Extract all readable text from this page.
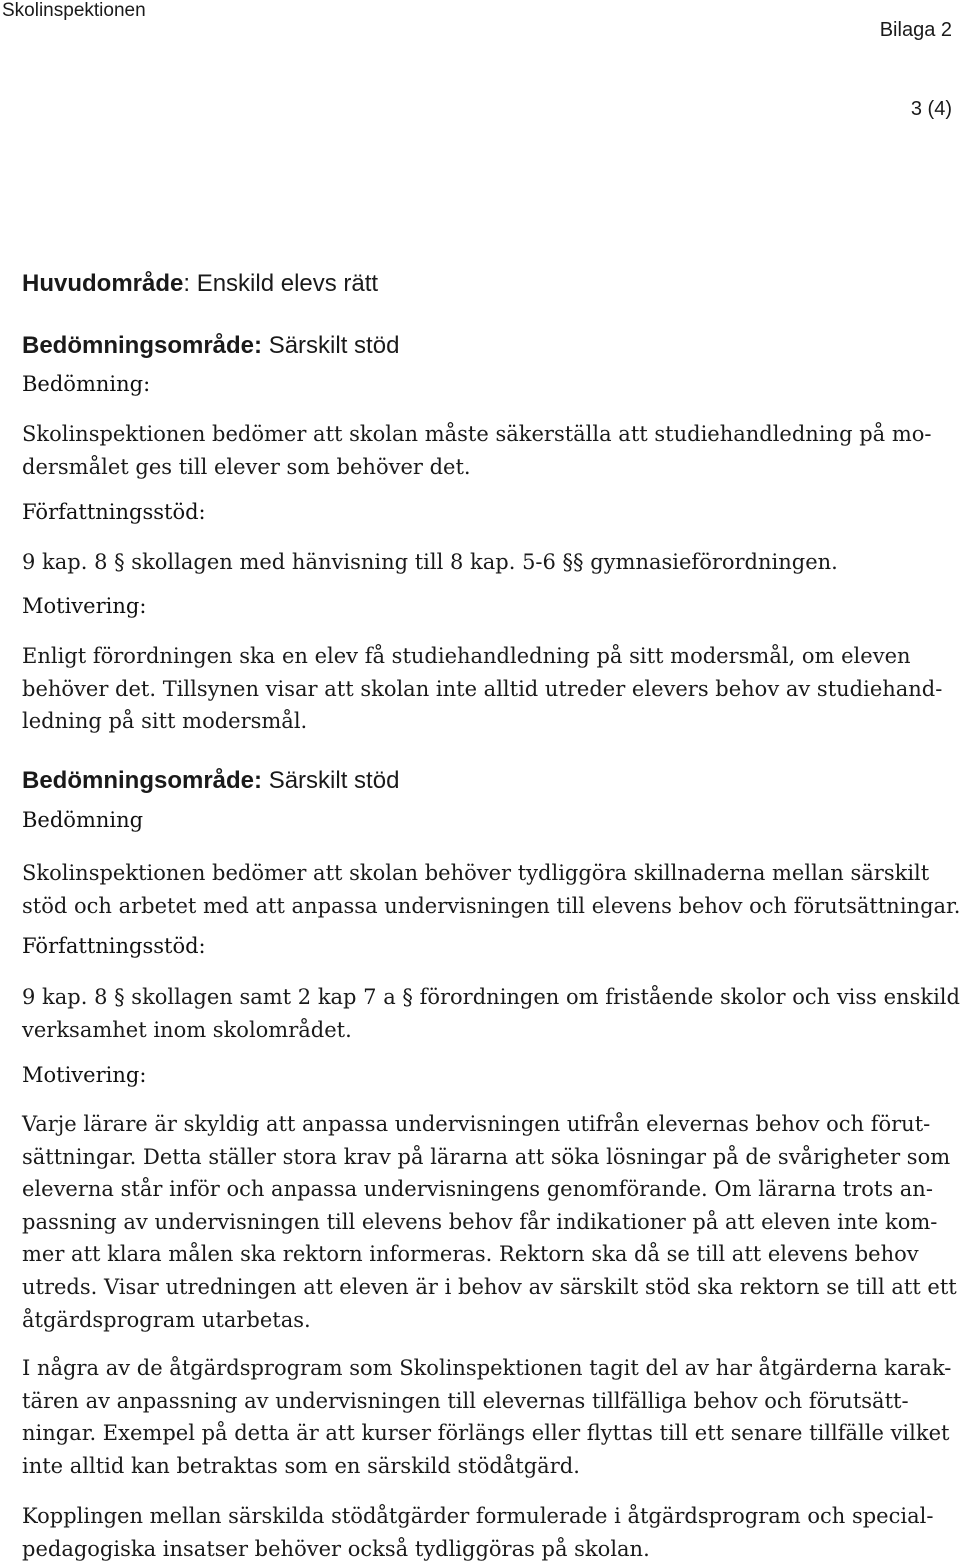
Skolinspektionen
Bilaga 2
3 (4)
Huvudområde: Enskild elevs rätt
Bedömningsområde: Särskilt stöd
Bedömning:
Skolinspektionen bedömer att skolan måste säkerställa att studiehandledning på mo-
dersmålet ges till elever som behöver det.
Författningsstöd:
9 kap. 8 § skollagen med hänvisning till 8 kap. 5-6 §§ gymnasieförordningen.
Motivering:
Enligt förordningen ska en elev få studiehandledning på sitt modersmål, om eleven
behöver det. Tillsynen visar att skolan inte alltid utreder elevers behov av studiehand-
ledning på sitt modersmål.
Bedömningsområde: Särskilt stöd
Bedömning
Skolinspektionen bedömer att skolan behöver tydliggöra skillnaderna mellan särskilt
stöd och arbetet med att anpassa undervisningen till elevens behov och förutsättningar.
Författningsstöd:
9 kap. 8 § skollagen samt 2 kap 7 a § förordningen om fristående skolor och viss enskild
verksamhet inom skolområdet.
Motivering:
Varje lärare är skyldig att anpassa undervisningen utifrån elevernas behov och förut-
sättningar. Detta ställer stora krav på lärarna att söka lösningar på de svårigheter som
eleverna står inför och anpassa undervisningens genomförande. Om lärarna trots an-
passning av undervisningen till elevens behov får indikationer på att eleven inte kom-
mer att klara målen ska rektorn informeras. Rektorn ska då se till att elevens behov
utreds. Visar utredningen att eleven är i behov av särskilt stöd ska rektorn se till att ett
åtgärdsprogram utarbetas.
I några av de åtgärdsprogram som Skolinspektionen tagit del av har åtgärderna karak-
tären av anpassning av undervisningen till elevernas tillfälliga behov och förutsätt-
ningar. Exempel på detta är att kurser förlängs eller flyttas till ett senare tillfälle vilket
inte alltid kan betraktas som en särskild stödåtgärd.
Kopplingen mellan särskilda stödåtgärder formulerade i åtgärdsprogram och special-
pedagogiska insatser behöver också tydliggöras på skolan.
